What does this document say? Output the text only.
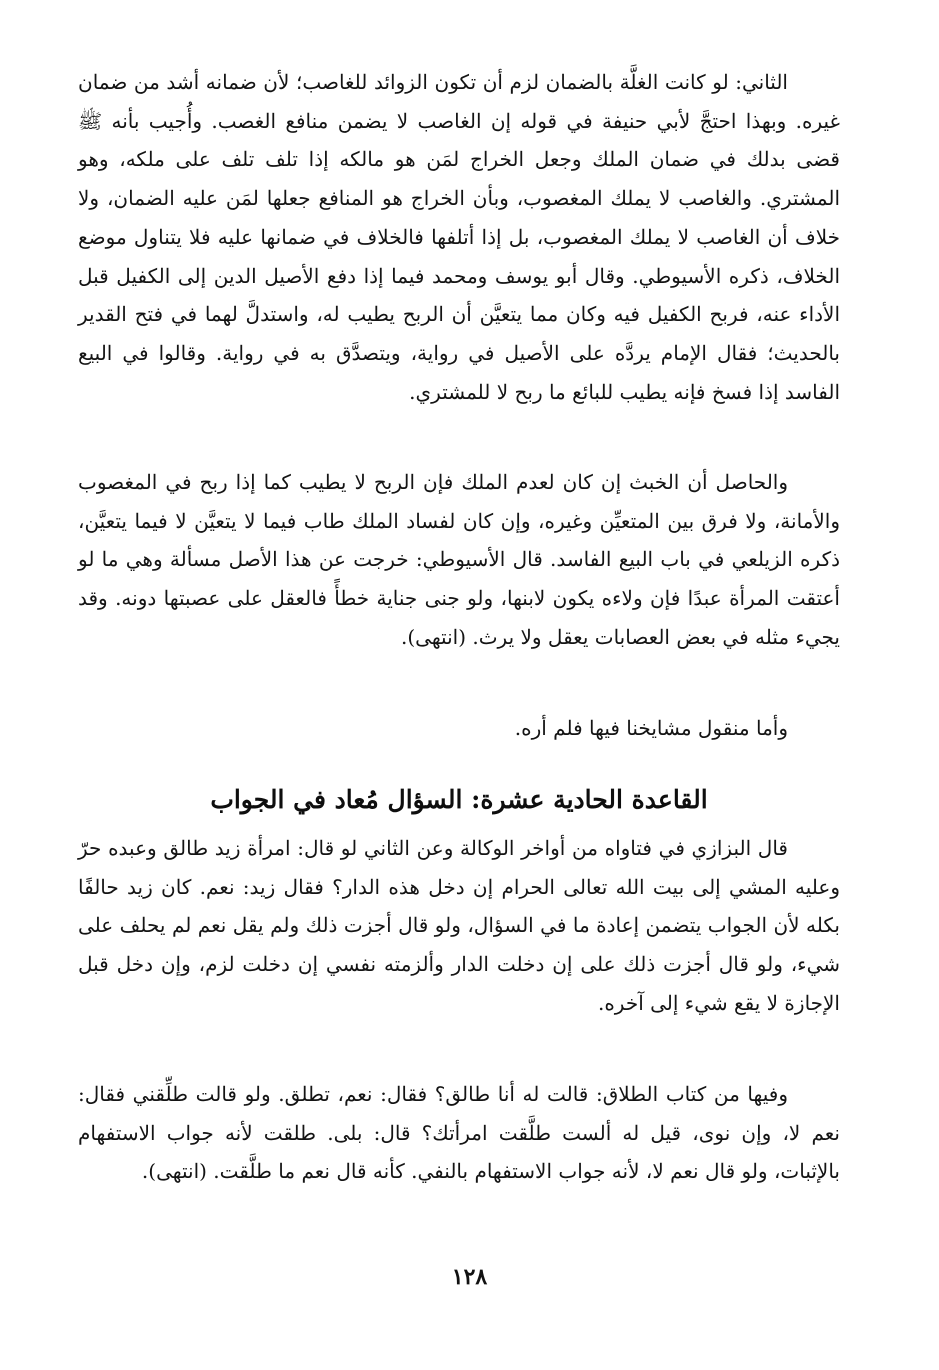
الثاني: لو كانت الغلَّة بالضمان لزم أن تكون الزوائد للغاصب؛ لأن ضمانه أشد من ضمان غيره. وبهذا احتجَّ لأبي حنيفة في قوله إن الغاصب لا يضمن منافع الغصب. وأُجيب بأنه ﷺ قضى بدلك في ضمان الملك وجعل الخراج لمَن هو مالكه إذا تلف تلف على ملكه، وهو المشتري. والغاصب لا يملك المغصوب، وبأن الخراج هو المنافع جعلها لمَن عليه الضمان، ولا خلاف أن الغاصب لا يملك المغصوب، بل إذا أتلفها فالخلاف في ضمانها عليه فلا يتناول موضع الخلاف، ذكره الأسيوطي. وقال أبو يوسف ومحمد فيما إذا دفع الأصيل الدين إلى الكفيل قبل الأداء عنه، فربح الكفيل فيه وكان مما يتعيَّن أن الربح يطيب له، واستدلَّ لهما في فتح القدير بالحديث؛ فقال الإمام يردَّه على الأصيل في رواية، ويتصدَّق به في رواية. وقالوا في البيع الفاسد إذا فسخ فإنه يطيب للبائع ما ربح لا للمشتري.

والحاصل أن الخبث إن كان لعدم الملك فإن الربح لا يطيب كما إذا ربح في المغصوب والأمانة، ولا فرق بين المتعيِّن وغيره، وإن كان لفساد الملك طاب فيما لا يتعيَّن لا فيما يتعيَّن، ذكره الزيلعي في باب البيع الفاسد. قال الأسيوطي: خرجت عن هذا الأصل مسألة وهي ما لو أعتقت المرأة عبدًا فإن ولاءه يكون لابنها، ولو جنى جناية خطأً فالعقل على عصبتها دونه. وقد يجيء مثله في بعض العصابات يعقل ولا يرث. (انتهى).

وأما منقول مشايخنا فيها فلم أره.

القاعدة الحادية عشرة: السؤال مُعاد في الجواب

قال البزازي في فتاواه من أواخر الوكالة وعن الثاني لو قال: امرأة زيد طالق وعبده حرّ وعليه المشي إلى بيت الله تعالى الحرام إن دخل هذه الدار؟ فقال زيد: نعم. كان زيد حالفًا بكله لأن الجواب يتضمن إعادة ما في السؤال، ولو قال أجزت ذلك ولم يقل نعم لم يحلف على شيء، ولو قال أجزت ذلك على إن دخلت الدار وألزمته نفسي إن دخلت لزم، وإن دخل قبل الإجازة لا يقع شيء إلى آخره.

وفيها من كتاب الطلاق: قالت له أنا طالق؟ فقال: نعم، تطلق. ولو قالت طلِّقني فقال: نعم لا، وإن نوى، قيل له ألست طلَّقت امرأتك؟ قال: بلى. طلقت لأنه جواب الاستفهام بالإثبات، ولو قال نعم لا، لأنه جواب الاستفهام بالنفي. كأنه قال نعم ما طلَّقت. (انتهى).

١٢٨
